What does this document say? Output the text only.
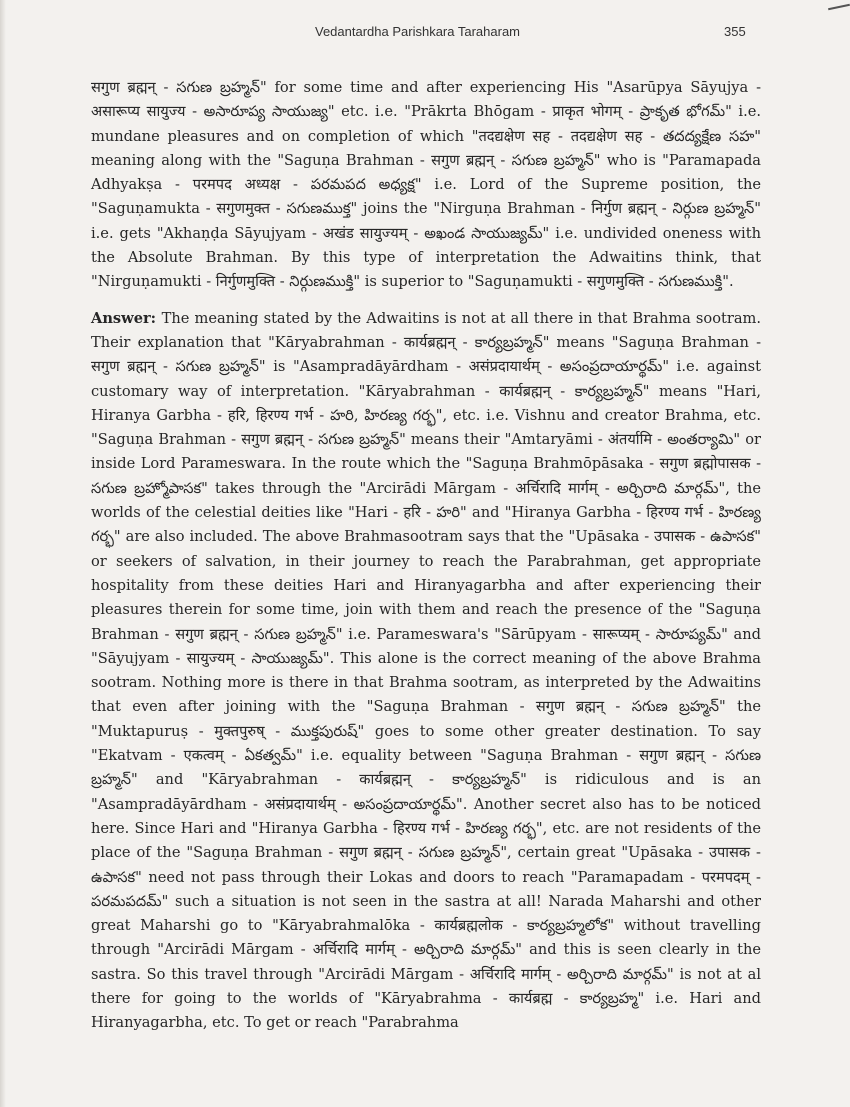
Vedantardha Parishkara Taraharam	355

सगुण ब्रह्मन् - సగుణ బ్రహ్మన్" for some time and after experiencing His "Asarūpya Sāyujya - असारूप्य सायुज्य - అసారూప్య సాయుజ్య" etc. i.e. "Prākrta Bhōgam - प्राकृत भोगम् - ప్రాకృత భోగమ్" i.e. mundane pleasures and on completion of which "तदद्यक्षेण सह - तदद्यक्षेण सह - తదద్యక్షేణ సహ" meaning along with the "Saguṇa Brahman - सगुण ब्रह्मन् - సగుణ బ్రహ్మన్" who is "Paramapada Adhyakṣa - परमपद अध्यक्ष - పరమపద అధ్యక్ష" i.e. Lord of the Supreme position, the "Saguṇamukta - सगुणमुक्त - సగుణముక్త" joins the "Nirguṇa Brahman - निर्गुण ब्रह्मन् - నిర్గుణ బ్రహ్మన్" i.e. gets "Akhaṇḍa Sāyujyam - अखंड सायुज्यम् - అఖండ సాయుజ్యమ్" i.e. undivided oneness with the Absolute Brahman. By this type of interpretation the Adwaitins think, that "Nirguṇamukti - निर्गुणमुक्ति - నిర్గుణముక్తి" is superior to "Saguṇamukti - सगुणमुक्ति - సగుణముక్తి".

Answer: The meaning stated by the Adwaitins is not at all there in that Brahma sootram. Their explanation that "Kāryabrahman - कार्यब्रह्मन् - కార్యబ్రహ్మన్" means "Saguṇa Brahman - सगुण ब्रह्मन् - సగుణ బ్రహ్మన్" is "Asampradāyārdham - असंप्रदायार्थम् - అసంప్రదాయార్థమ్" i.e. against customary way of interpretation. "Kāryabrahman - कार्यब्रह्मन् - కార్యబ్రహ్మన్" means "Hari, Hiranya Garbha - हरि, हिरण्य गर्भ - హరి, హిరణ్య గర్భ", etc. i.e. Vishnu and creator Brahma, etc. "Saguṇa Brahman - सगुण ब्रह्मन् - సగుణ బ్రహ్మన్" means their "Amtaryāmi - अंतर्यामि - అంతర్యామి" or inside Lord Parameswara. In the route which the "Saguṇa Brahmōpāsaka - सगुण ब्रह्मोपासक - సగుణ బ్రహ్మోపాసక" takes through the "Arcirādi Mārgam - अर्चिरादि मार्गम् - అర్చిరాది మార్గమ్", the worlds of the celestial deities like "Hari - हरि - హరి" and "Hiranya Garbha - हिरण्य गर्भ - హిరణ్య గర్భ" are also included. The above Brahmasootram says that the "Upāsaka - उपासक - ఉపాసక" or seekers of salvation, in their journey to reach the Parabrahman, get appropriate hospitality from these deities Hari and Hiranyagarbha and after experiencing their pleasures therein for some time, join with them and reach the presence of the "Saguṇa Brahman - सगुण ब्रह्मन् - సగుణ బ్రహ్మన్" i.e. Parameswara's "Sārūpyam - सारूप्यम् - సారూప్యమ్" and "Sāyujyam - सायुज्यम् - సాయుజ్యమ్". This alone is the correct meaning of the above Brahma sootram. Nothing more is there in that Brahma sootram, as interpreted by the Adwaitins that even after joining with the "Saguṇa Brahman - सगुण ब्रह्मन् - సగుణ బ్రహ్మన్" the "Muktapuruṣ - मुक्तपुरुष् - ముక్తపురుష్" goes to some other greater destination. To say "Ekatvam - एकत्वम् - ఏకత్వమ్" i.e. equality between "Saguṇa Brahman - सगुण ब्रह्मन् - సగుణ బ్రహ్మన్" and "Kāryabrahman - कार्यब्रह्मन् - కార్యబ్రహ్మన్" is ridiculous and is an "Asampradāyārdham - असंप्रदायार्थम् - అసంప్రదాయార్థమ్". Another secret also has to be noticed here. Since Hari and "Hiranya Garbha - हिरण्य गर्भ - హిరణ్య గర్భ", etc. are not residents of the place of the "Saguṇa Brahman - सगुण ब्रह्मन् - సగుణ బ్రహ్మన్", certain great "Upāsaka - उपासक - ఉపాసక" need not pass through their Lokas and doors to reach "Paramapadam - परमपदम् - పరమపదమ్" such a situation is not seen in the sastra at all! Narada Maharshi and other great Maharshi go to "Kāryabrahmalōka - कार्यब्रह्मलोक - కార్యబ్రహ్మలోక" without travelling through "Arcirādi Mārgam - अर्चिरादि मार्गम् - అర్చిరాది మార్గమ్" and this is seen clearly in the sastra. So this travel through "Arcirādi Mārgam - अर्चिरादि मार्गम् - అర్చిరాది మార్గమ్" is not at al there for going to the worlds of "Kāryabrahma - कार्यब्रह्म - కార్యబ్రహ్మ" i.e. Hari and Hiranyagarbha, etc. To get or reach "Parabrahma
